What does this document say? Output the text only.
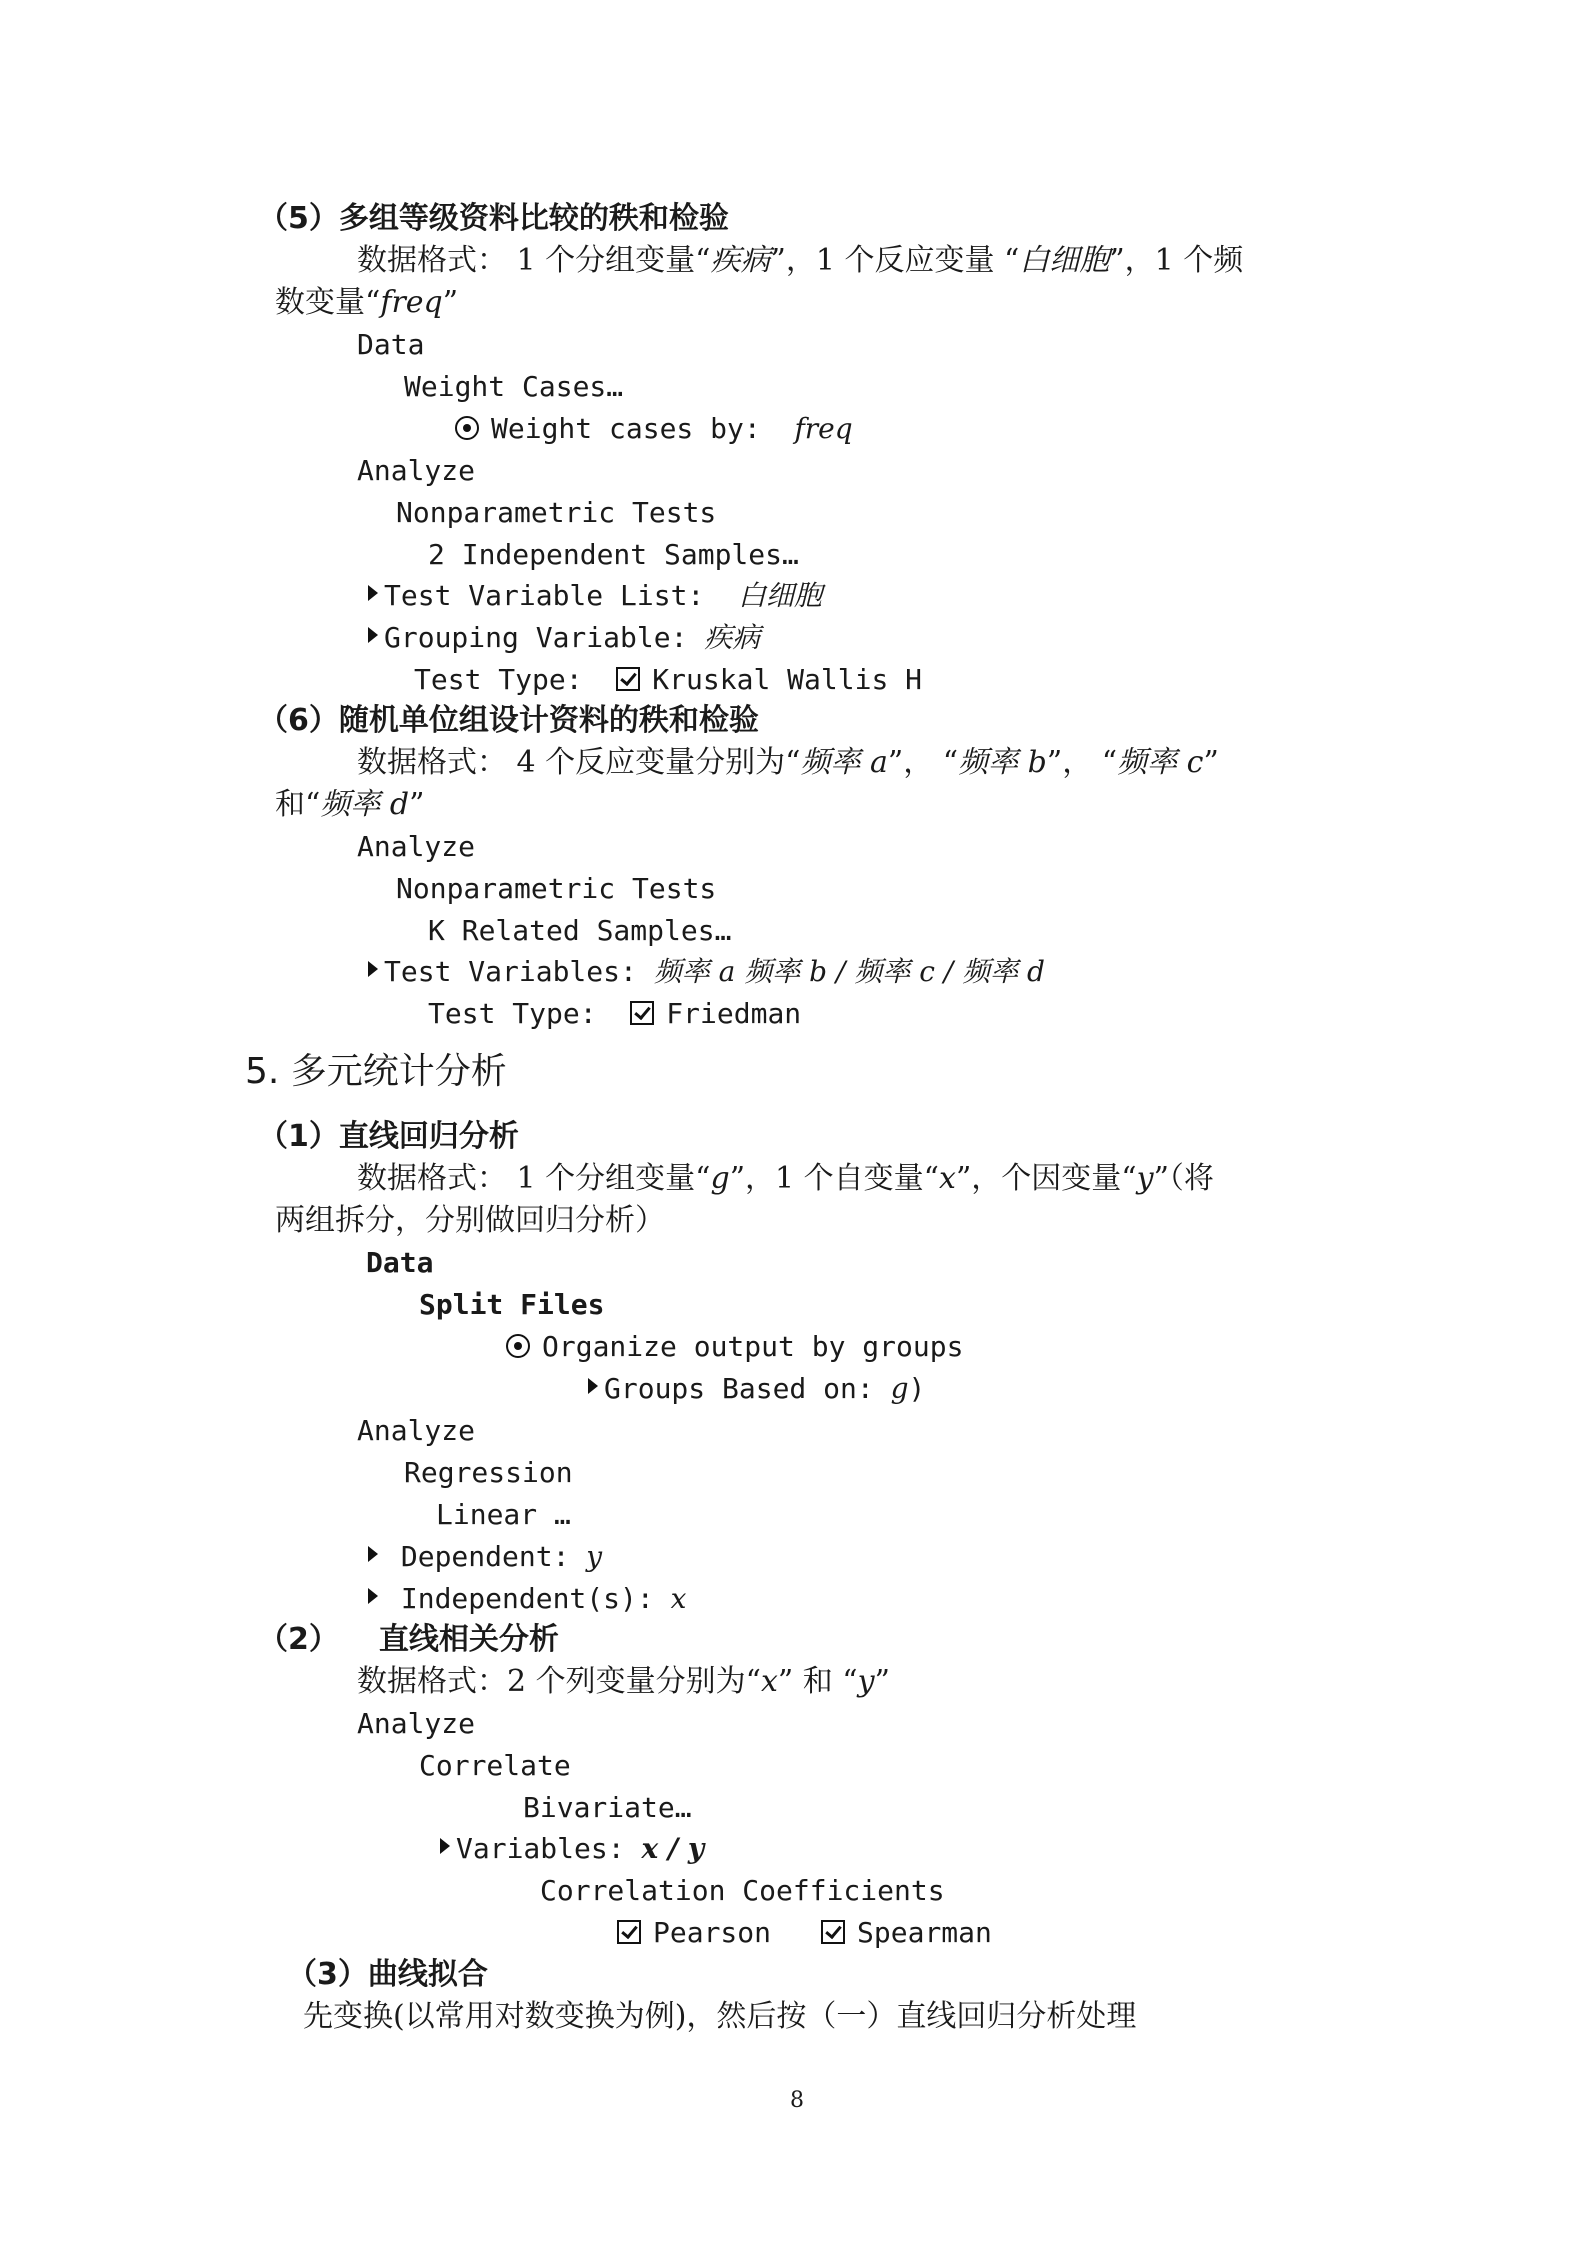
（5）多组等级资料比较的秩和检验
数据格式： 1 个分组变量“疾病”，1 个反应变量 “白细胞”，1 个频
数变量“freq”
Data
Weight Cases…
Weight cases by: freq
Analyze
Nonparametric Tests
2 Independent Samples…
Test Variable List: 白细胞
Grouping Variable: 疾病
Test Type: Kruskal Wallis H
（6）随机单位组设计资料的秩和检验
数据格式： 4 个反应变量分别为“频率 a”， “频率 b”， “频率 c”
和“频率 d”
Analyze
Nonparametric Tests
K Related Samples…
Test Variables: 频率 a 频率 b / 频率 c / 频率 d
Test Type: Friedman
5. 多元统计分析
（1）直线回归分析
数据格式： 1 个分组变量“g”，1 个自变量“x”，个因变量“y”（将
两组拆分，分别做回归分析）
Data
Split Files
Organize output by groups
Groups Based on: g)
Analyze
Regression
Linear …
Dependent: y
Independent(s): x
（2） 直线相关分析
数据格式：2 个列变量分别为“x” 和 “y”
Analyze
Correlate
Bivariate…
Variables: x / y
Correlation Coefficients
Pearson	Spearman
（3）曲线拟合
先变换(以常用对数变换为例)，然后按（一）直线回归分析处理
8
